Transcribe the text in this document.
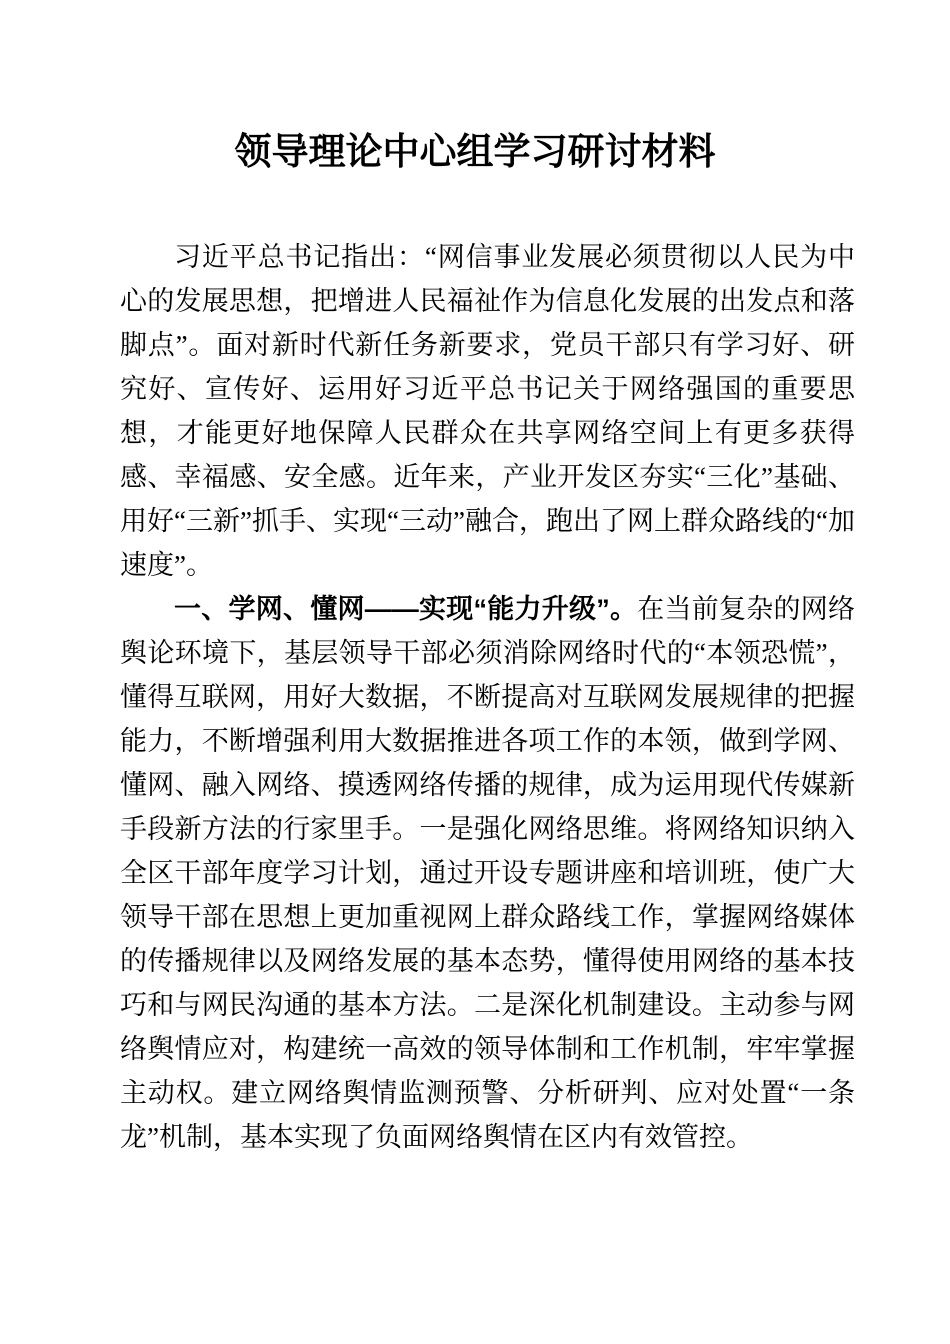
领导理论中心组学习研讨材料

习近平总书记指出：“网信事业发展必须贯彻以人民为中心的发展思想，把增进人民福祉作为信息化发展的出发点和落脚点”。面对新时代新任务新要求，党员干部只有学习好、研究好、宣传好、运用好习近平总书记关于网络强国的重要思想，才能更好地保障人民群众在共享网络空间上有更多获得感、幸福感、安全感。近年来，产业开发区夯实“三化”基础、用好“三新”抓手、实现“三动”融合，跑出了网上群众路线的“加速度”。

一、学网、懂网——实现“能力升级”。在当前复杂的网络舆论环境下，基层领导干部必须消除网络时代的“本领恐慌”，懂得互联网，用好大数据，不断提高对互联网发展规律的把握能力，不断增强利用大数据推进各项工作的本领，做到学网、懂网、融入网络、摸透网络传播的规律，成为运用现代传媒新手段新方法的行家里手。一是强化网络思维。将网络知识纳入全区干部年度学习计划，通过开设专题讲座和培训班，使广大领导干部在思想上更加重视网上群众路线工作，掌握网络媒体的传播规律以及网络发展的基本态势，懂得使用网络的基本技巧和与网民沟通的基本方法。二是深化机制建设。主动参与网络舆情应对，构建统一高效的领导体制和工作机制，牢牢掌握主动权。建立网络舆情监测预警、分析研判、应对处置“一条龙”机制，基本实现了负面网络舆情在区内有效管控。
